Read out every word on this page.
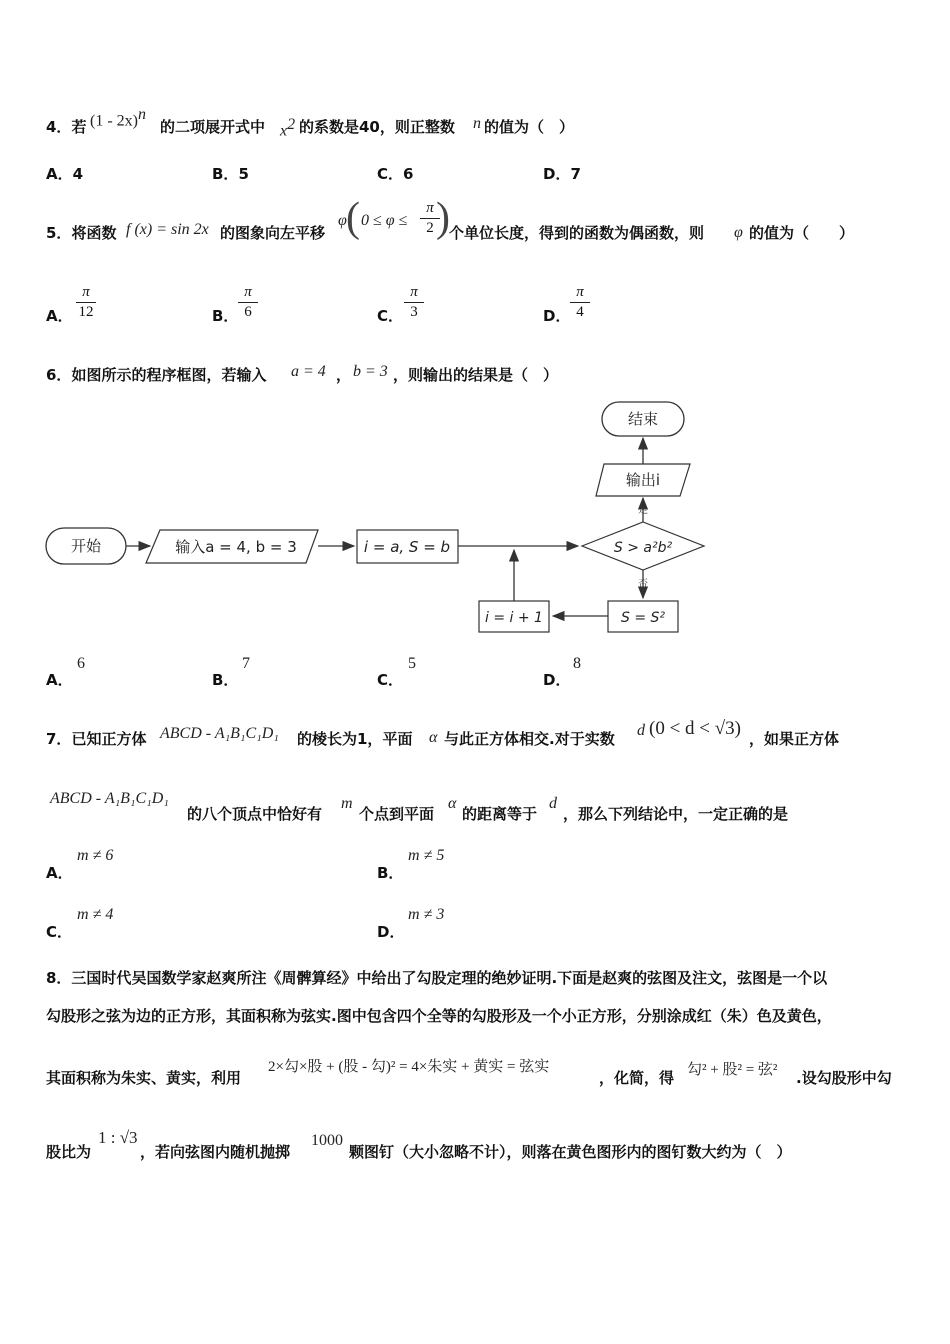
4．若 (1 - 2x)$^n$
的二项展开式中 $x^2$ 的系数是40，则正整数 n 的值为（　）
A．4	B．5	C．6	D．7
5．将函数 f (x) = sin 2x 的图象向左平移
φ ( 0 ≤ φ ≤
π
2 ) 个单位长度，得到的函数为偶函数，则 φ 的值为（　　）
A．
π
12	B．
π
6	C．
π
3	D．
π
4
6．如图所示的程序框图，若输入 a = 4 ， b = 3 ，则输出的结果是（　）
开始	输入a = 4, b = 3	i = a, S = b	S > a²b²
是
输出i
结束
否
S = S²
i = i + 1
A．
6
B．
7
C．
5
D．
8
7．已知正方体 ABCD - A₁B₁C₁D₁ 的棱长为1，平面 α 与此正方体相交.对于实数 d (0 < d < √3) ，如果正方体
ABCD - A₁B₁C₁D₁
的八个顶点中恰好有
m
个点到平面
α
的距离等于
d
，那么下列结论中，一定正确的是
A．
m ≠ 6
B．
m ≠ 5
C．
m ≠ 4
D．
m ≠ 3
8．三国时代吴国数学家赵爽所注《周髀算经》中给出了勾股定理的绝妙证明.下面是赵爽的弦图及注文，弦图是一个以
勾股形之弦为边的正方形，其面积称为弦实.图中包含四个全等的勾股形及一个小正方形，分别涂成红（朱）色及黄色，
其面积称为朱实、黄实，利用
2×勾×股 + (股 - 勾)² = 4×朱实 + 黄实 = 弦实
，化简，得 勾² + 股² = 弦² .设勾股形中勾
股比为
1 : √3
，若向弦图内随机抛掷
1000
颗图钉（大小忽略不计），则落在黄色图形内的图钉数大约为（　）
